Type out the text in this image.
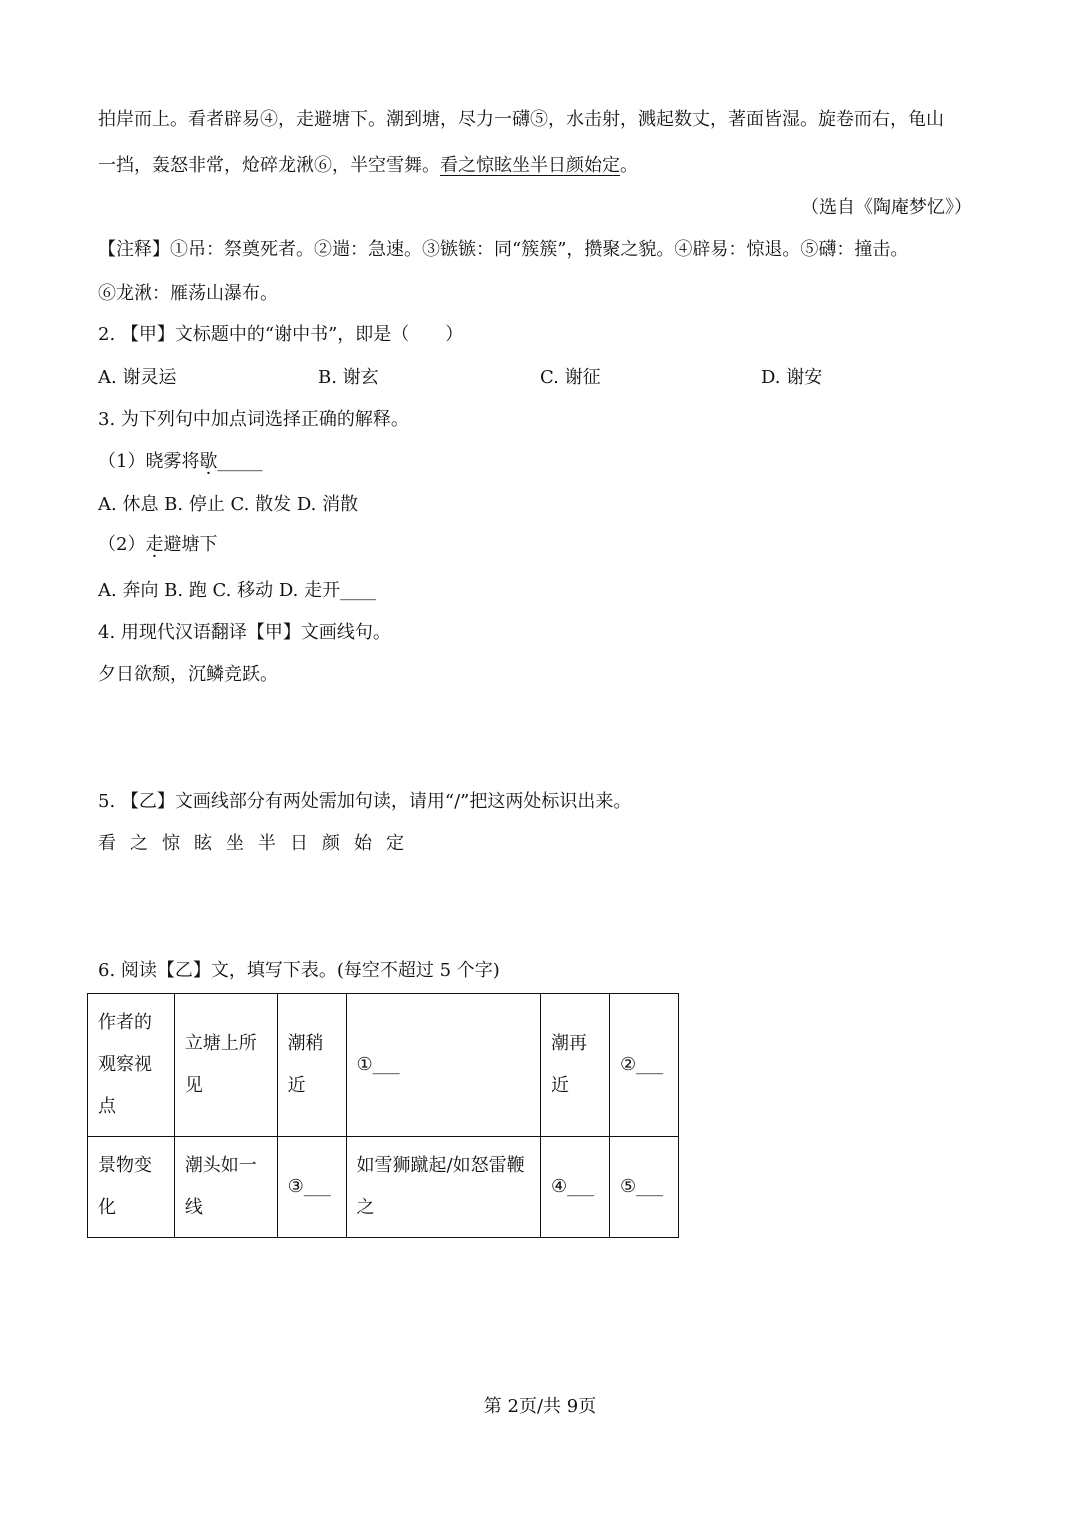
拍岸而上。看者辟易④，走避塘下。潮到塘，尽力一礴⑤，水击射，溅起数丈，著面皆湿。旋卷而右，龟山
一挡，轰怒非常，炝碎龙湫⑥，半空雪舞。看之惊眩坐半日颜始定。
（选自《陶庵梦忆》）
【注释】①吊：祭奠死者。②遄：急速。③镞镞：同“簇簇”，攒聚之貌。④辟易：惊退。⑤礴：撞击。
⑥龙湫：雁荡山瀑布。
2. 【甲】文标题中的“谢中书”，即是（　　）
A. 谢灵运	B. 谢玄	C. 谢征	D. 谢安
3. 为下列句中加点词选择正确的解释。
（1）晓雾将歇_____
A. 休息 B. 停止 C. 散发 D. 消散
（2）走避塘下
A. 奔向 B. 跑 C. 移动 D. 走开____
4. 用现代汉语翻译【甲】文画线句。
夕日欲颓，沉鳞竞跃。
5. 【乙】文画线部分有两处需加句读，请用“/”把这两处标识出来。
看之惊眩坐半日颜始定
6. 阅读【乙】文，填写下表。(每空不超过 5 个字)
作者的观察视点	立塘上所见	潮稍近	①___	潮再近	②___
景物变化	潮头如一线	③___	如雪狮蹴起/如怒雷鞭之	④___	⑤___
第 2页/共 9页
